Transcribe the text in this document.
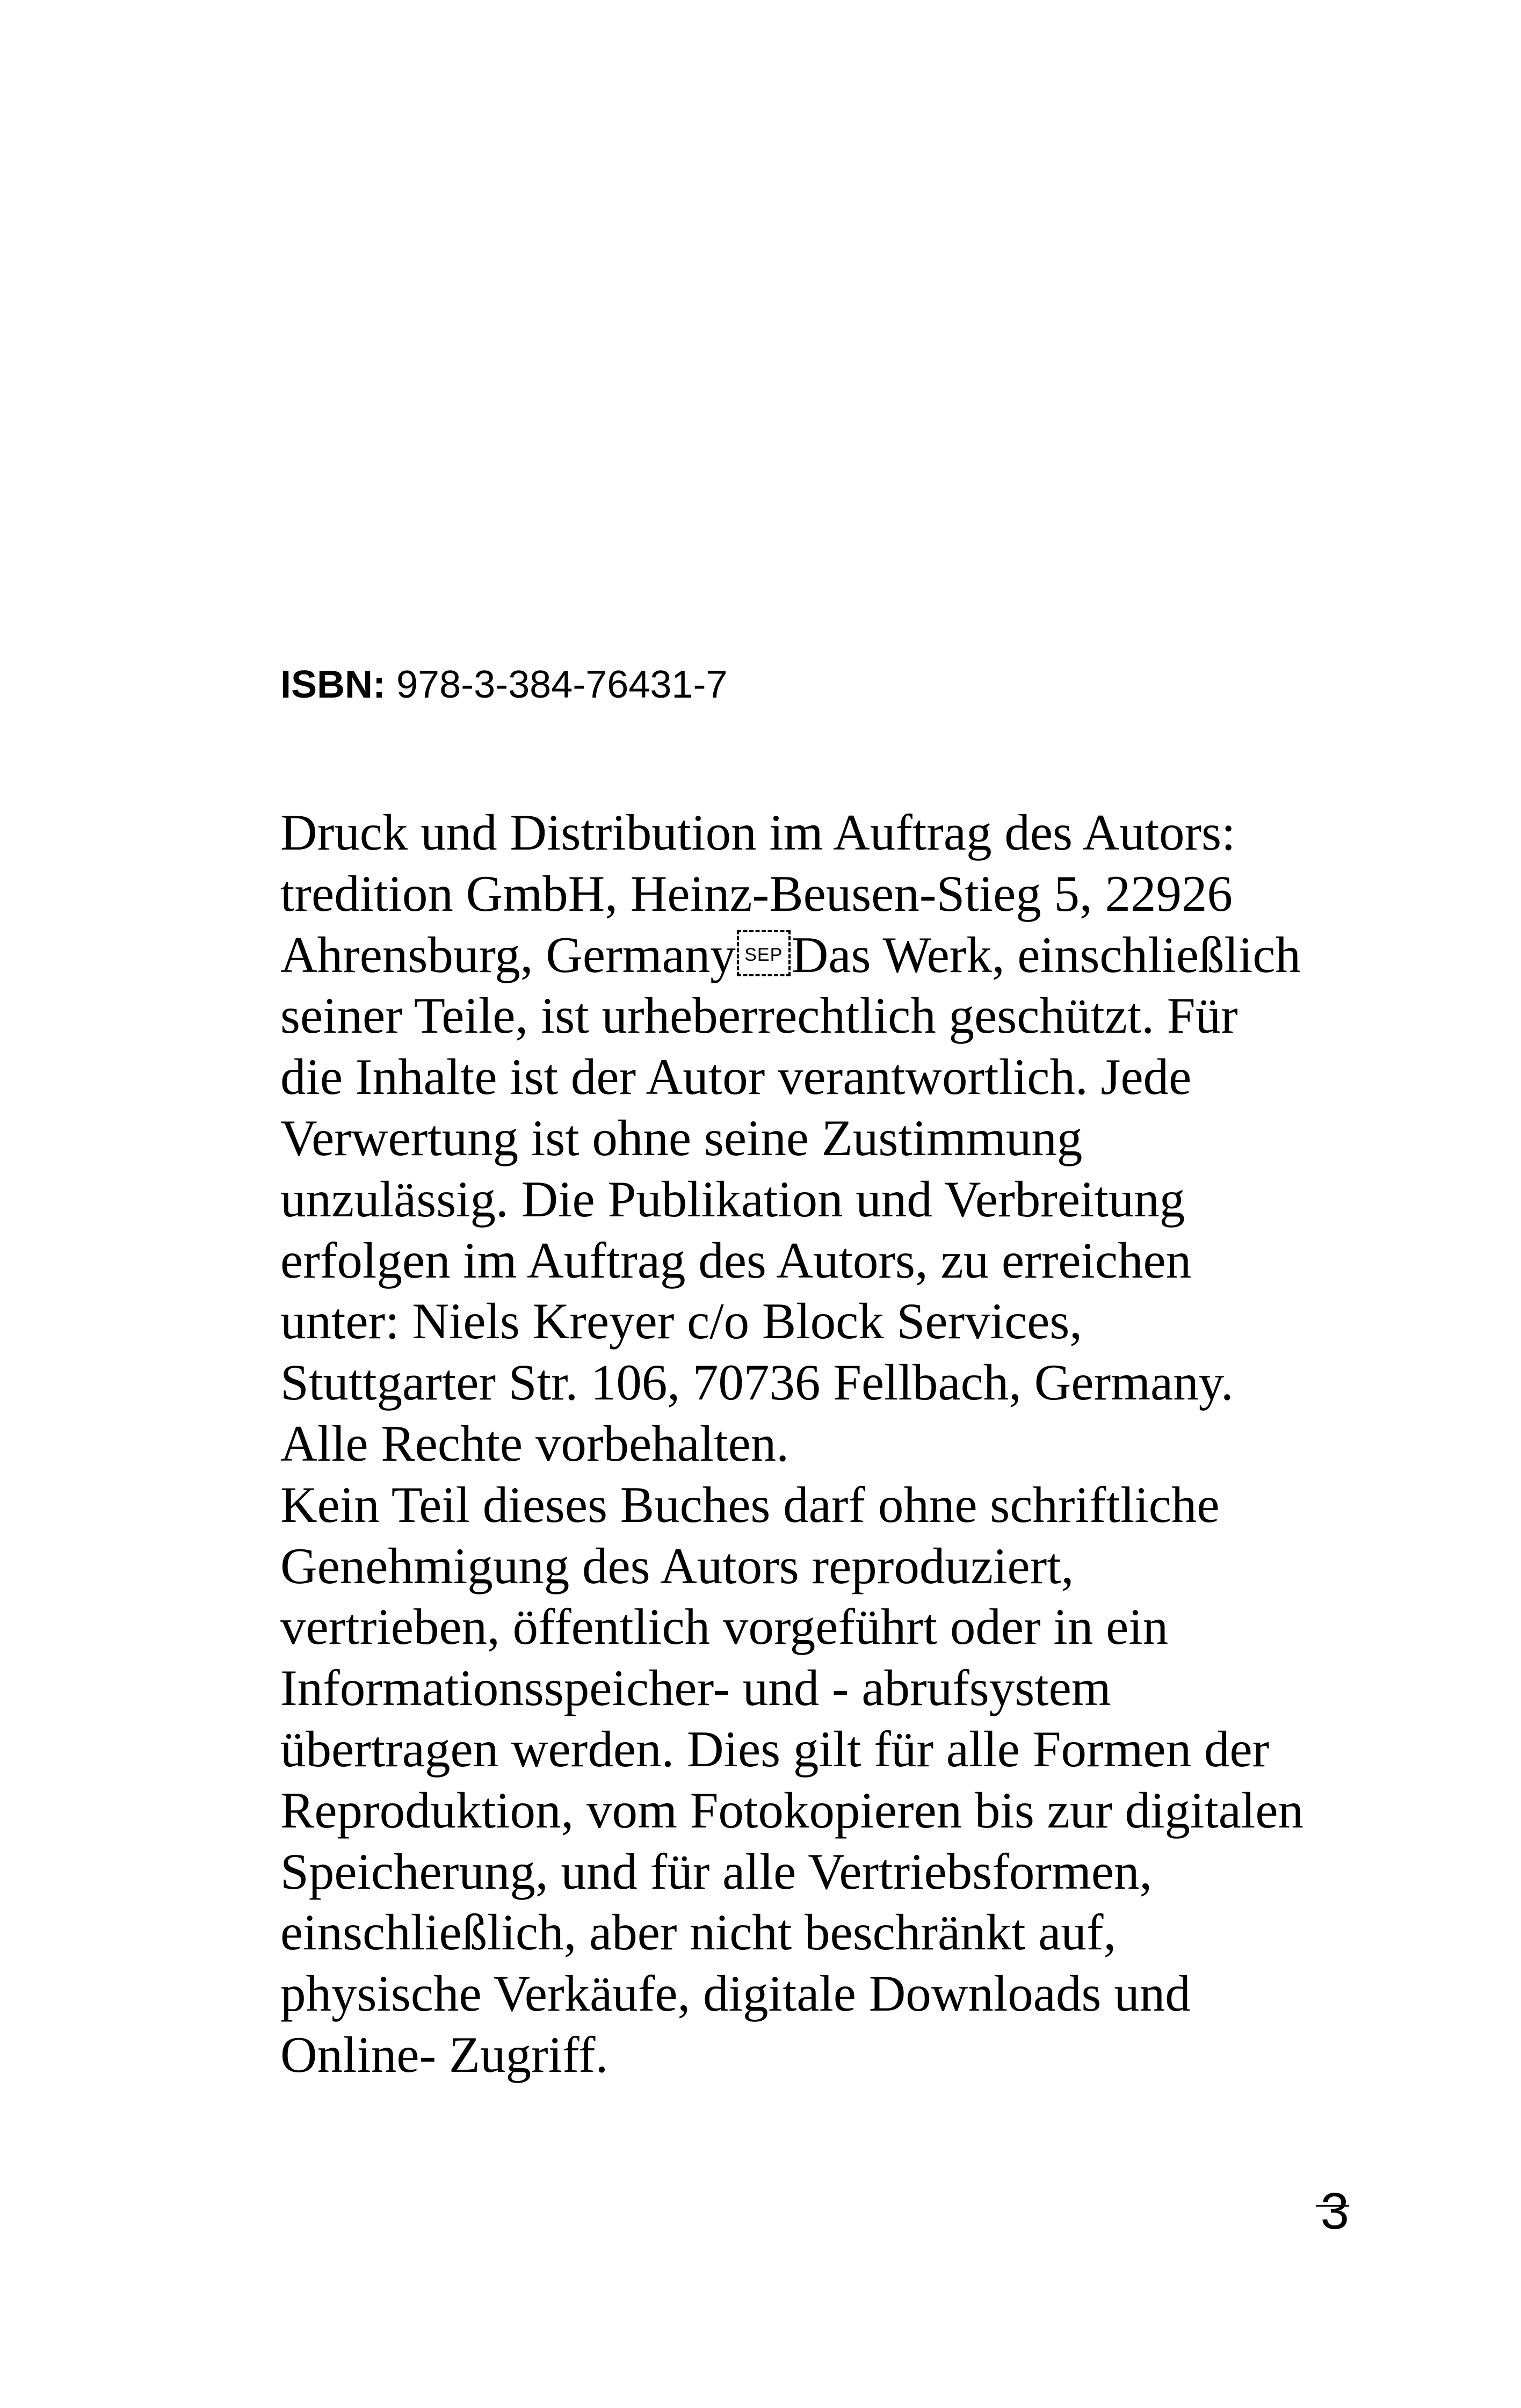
ISBN: 978-3-384-76431-7
Druck und Distribution im Auftrag des Autors:
tredition GmbH, Heinz-Beusen-Stieg 5, 22926
Ahrensburg, GermanySEP Das Werk, einschließlich
seiner Teile, ist urheberrechtlich geschützt. Für
die Inhalte ist der Autor verantwortlich. Jede
Verwertung ist ohne seine Zustimmung
unzulässig. Die Publikation und Verbreitung
erfolgen im Auftrag des Autors, zu erreichen
unter: Niels Kreyer c/o Block Services,
Stuttgarter Str. 106, 70736 Fellbach, Germany.
Alle Rechte vorbehalten.
Kein Teil dieses Buches darf ohne schriftliche
Genehmigung des Autors reproduziert,
vertrieben, öffentlich vorgeführt oder in ein
Informationsspeicher- und - abrufsystem
übertragen werden. Dies gilt für alle Formen der
Reproduktion, vom Fotokopieren bis zur digitalen
Speicherung, und für alle Vertriebsformen,
einschließlich, aber nicht beschränkt auf,
physische Verkäufe, digitale Downloads und
Online- Zugriff.
3
